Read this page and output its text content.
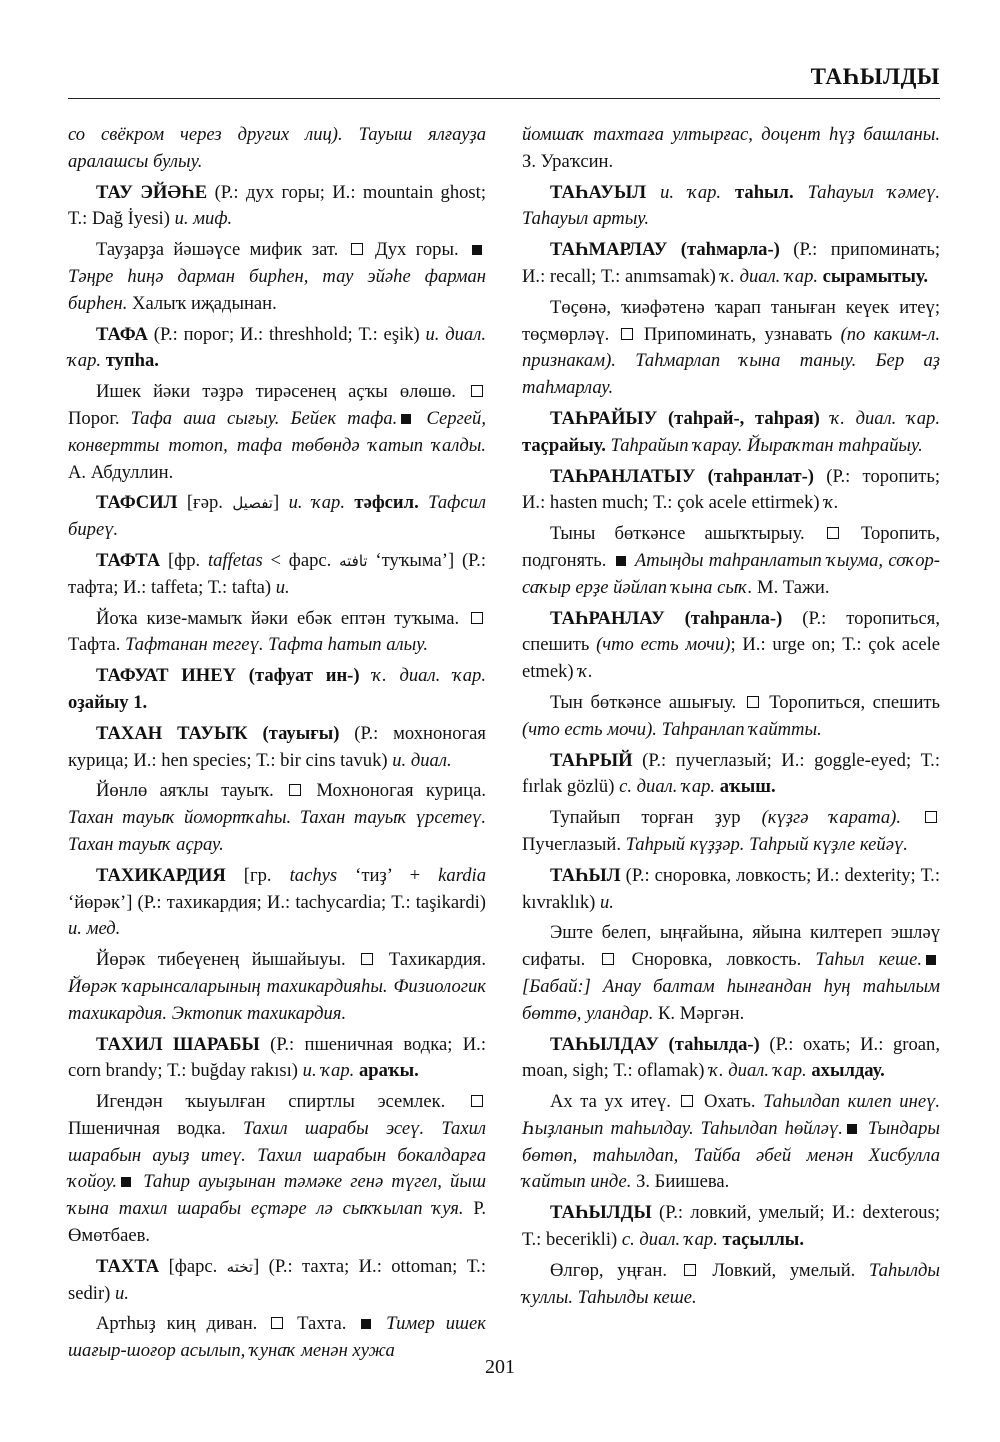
ТАҺЫЛДЫ

со свёкром через других лиц). Тауыш ялғауҙа аралашсы булыу.

ТАУ ЭЙӘҺЕ (Р.: дух горы; И.: mountain ghost; Т.: Dağ İyesi) и. миф.

Тауҙарҙа йәшәүсе мифик зат.  Дух горы.  Тәңре һиңә дарман бирһен, тау эйәһе фарман бирһен. Халыҡ иҗадынан.

ТАФА (Р.: порог; И.: threshhold; Т.: eşik) и. диал. ҡар. тупһа.

Ишек йәки тәҙрә тирәсенең аҫҡы өлөшө.  Порог. Тафа аша сығыу. Бейек тафа. Сергей, конвертты тотоп, тафа төбөндә ҡатып ҡалды. А. Абдуллин.

ТАФСИЛ [ғәр. تفصيل] и. ҡар. тәфсил. Тафсил биреү.

ТАФТА [фр. taffetas < фарс. تافته ‘туҡыма’] (Р.: тафта; И.: taffeta; Т.: tafta) и.

Йоҡа кизе-мамыҡ йәки ебәк ептән туҡыма.  Тафта. Тафтанан тегеү. Тафта һатып алыу.

ТАФУАТ ИНЕҮ (тафуат ин-) ҡ. диал. ҡар. оҙайыу 1.

ТАХАН ТАУЫҠ (тауығы) (Р.: мохноногая курица; И.: hen species; Т.: bir cins tavuk) и. диал.

Йөнлө аяҡлы тауыҡ.  Мохноногая курица. Тахан тауыҡ йомортҡаһы. Тахан тауыҡ үрсетеү. Тахан тауыҡ аҫрау.

ТАХИКАРДИЯ [гр. tachys ‘тиҙ’ + kardia ‘йөрәк’] (Р.: тахикардия; И.: tachycardia; Т.: taşikardi) и. мед.

Йөрәк тибеүенең йышайыуы.  Тахикардия. Йөрәк ҡарынсаларының тахикардияһы. Физиологик тахикардия. Эктопик тахикардия.

ТАХИЛ ШАРАБЫ (Р.: пшеничная водка; И.: corn brandy; Т.: buğday rakısı) и. ҡар. араҡы.

Игендән ҡыуылған спиртлы эсемлек.  Пшеничная водка. Тахил шарабы эсеү. Тахил шарабын ауыҙ итеү. Тахил шарабын бокалдарға ҡойоу. Таһир ауыҙынан тәмәке генә түгел, йыш ҡына тахил шарабы еҫтәре лә сыҡҡылап ҡуя. Р. Өмөтбаев.

ТАХТА [фарс. تخته] (Р.: тахта; И.: ottoman; Т.: sedir) и.

Артһыҙ киң диван.  Тахта.  Тимер ишек шағыр-шоғор асылып, ҡунаҡ менән хужа

йомшаҡ тахтаға ултырғас, доцент һүҙ башланы. З. Ураҡсин.

ТАҺАУЫЛ и. ҡар. таһыл. Таһауыл ҡәмеү. Таһауыл артыу.

ТАҺМАРЛАУ (таһмарла-) (Р.: припоминать; И.: recall; Т.: anımsamak) ҡ. диал. ҡар. сырамытыу.

Төҫөнә, ҡиәфәтенә ҡарап таныған кеүек итеү; төҫмөрләү.  Припоминать, узнавать (по каким-л. признакам). Таһмарлап ҡына таныу. Бер аҙ таһмарлау.

ТАҺРАЙЫУ (таһрай-, таһрая) ҡ. диал. ҡар. таҫрайыу. Таһрайып ҡарау. Йыраҡтан таһрайыу.

ТАҺРАНЛАТЫУ (таһранлат-) (Р.: торопить; И.: hasten much; Т.: çok acele ettirmek) ҡ.

Тыны бөткәнсе ашыҡтырыу.  Торопить, подгонять.  Атыңды таһранлатып ҡыума, соҡор-саҡыр ерҙе йәйлап ҡына сыҡ. М. Тажи.

ТАҺРАНЛАУ (таһранла-) (Р.: торопиться, спешить (что есть мочи); И.: urge on; Т.: çok acele etmek) ҡ.

Тын бөткәнсе ашығыу.  Торопиться, спешить (что есть мочи). Таһранлап ҡайтты.

ТАҺРЫЙ (Р.: пучеглазый; И.: goggle-eyed; Т.: fırlak gözlü) с. диал. ҡар. аҡыш.

Тупайып торған ҙур (күҙгә ҡарата).  Пучеглазый. Таһрый күҙҙәр. Таһрый күҙле кейәү.

ТАҺЫЛ (Р.: сноровка, ловкость; И.: dexterity; Т.: kıvraklık) и.

Эште белеп, ыңғайына, яйына килтереп эшләү сифаты.  Сноровка, ловкость. Таһыл кеше. [Бабай:] Анау балтам һынғандан һуң таһылым бөттө, уландар. К. Мәргән.

ТАҺЫЛДАУ (таһылда-) (Р.: охать; И.: groan, moan, sigh; Т.: oflamak) ҡ. диал. ҡар. ахылдау.

Ах та ух итеү.  Охать. Таһылдап килеп инеү. Һыҙланып таһылдау. Таһылдап һөйләү. Тындары бөтөп, таһылдап, Тайба әбей менән Хисбулла ҡайтып инде. З. Биишева.

ТАҺЫЛДЫ (Р.: ловкий, умелый; И.: dexterous; Т.: becerikli) с. диал. ҡар. таҫыллы.

Өлгөр, уңған.  Ловкий, умелый. Таһылды ҡуллы. Таһылды кеше.

201
